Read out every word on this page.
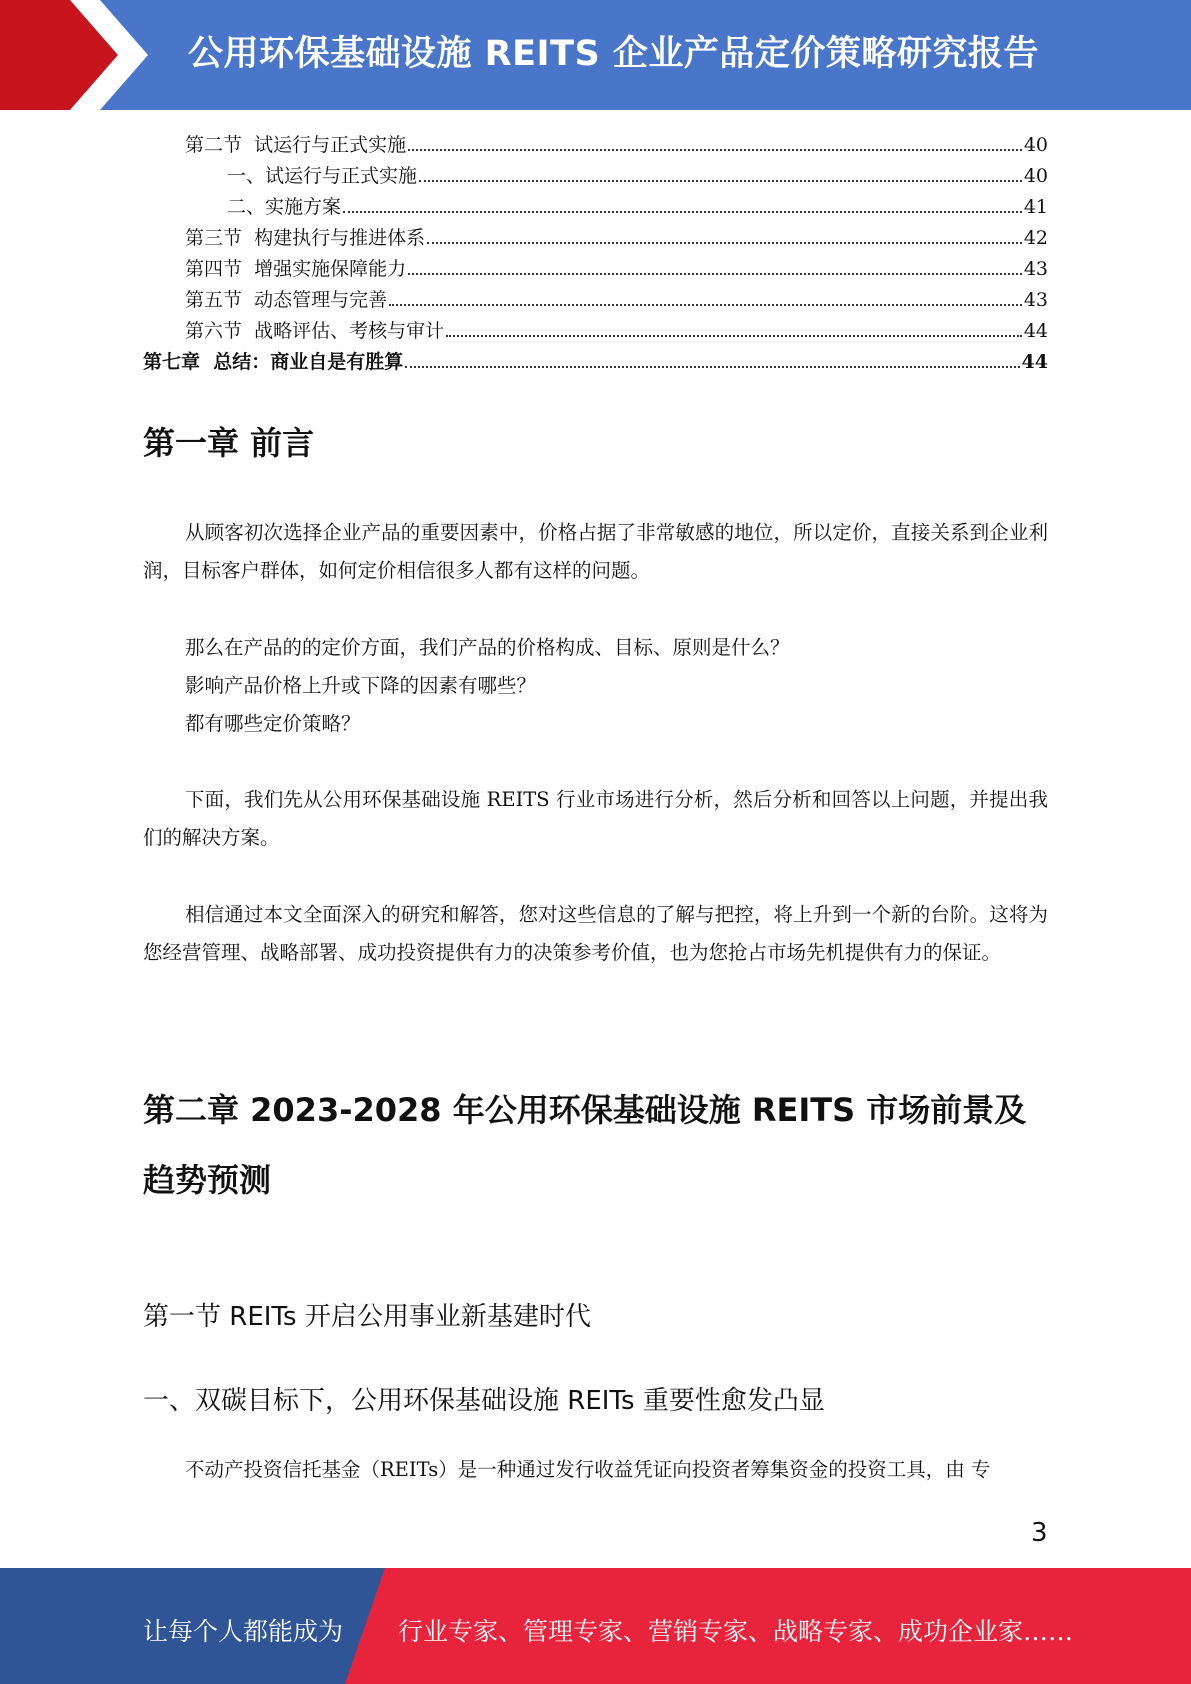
公用环保基础设施 REITS 企业产品定价策略研究报告
第二节  试运行与正式实施	40
一、试运行与正式实施	40
二、实施方案	41
第三节  构建执行与推进体系	42
第四节  增强实施保障能力	43
第五节  动态管理与完善	43
第六节  战略评估、考核与审计	44
第七章  总结：商业自是有胜算	44
第一章 前言

从顾客初次选择企业产品的重要因素中，价格占据了非常敏感的地位，所以定价，直接关系到企业利润，目标客户群体，如何定价相信很多人都有这样的问题。

那么在产品的的定价方面，我们产品的价格构成、目标、原则是什么？
影响产品价格上升或下降的因素有哪些？
都有哪些定价策略？

下面，我们先从公用环保基础设施 REITS 行业市场进行分析，然后分析和回答以上问题，并提出我们的解决方案。

相信通过本文全面深入的研究和解答，您对这些信息的了解与把控，将上升到一个新的台阶。这将为您经营管理、战略部署、成功投资提供有力的决策参考价值，也为您抢占市场先机提供有力的保证。

第二章 2023-2028 年公用环保基础设施 REITS 市场前景及趋势预测
第一节 REITs 开启公用事业新基建时代
一、双碳目标下，公用环保基础设施 REITs 重要性愈发凸显

不动产投资信托基金（REITs）是一种通过发行收益凭证向投资者筹集资金的投资工具，由 专

3
让每个人都能成为 行业专家、管理专家、营销专家、战略专家、成功企业家……
